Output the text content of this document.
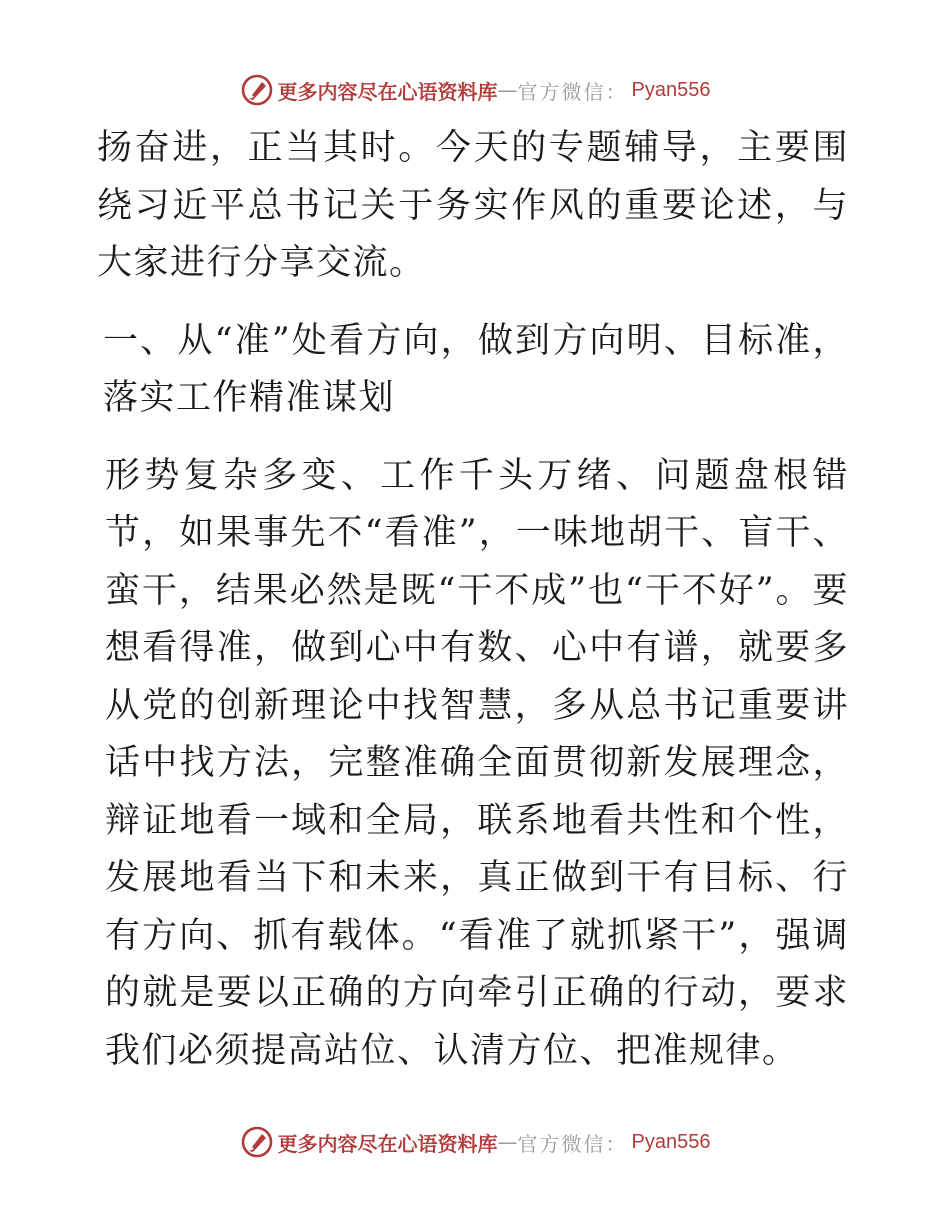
更多内容尽在心语资料库 — 官方微信 ： Pyan556

扬奋进，正当其时。今天的专题辅导，主要围绕习近平总书记关于务实作风的重要论述，与大家进行分享交流。

一、从“准”处看方向，做到方向明、目标准，落实工作精准谋划

形势复杂多变、工作千头万绪、问题盘根错节，如果事先不“看准”，一味地胡干、盲干、蛮干，结果必然是既“干不成”也“干不好”。要想看得准，做到心中有数、心中有谱，就要多从党的创新理论中找智慧，多从总书记重要讲话中找方法，完整准确全面贯彻新发展理念，辩证地看一域和全局，联系地看共性和个性，发展地看当下和未来，真正做到干有目标、行有方向、抓有载体。“看准了就抓紧干”，强调的就是要以正确的方向牵引正确的行动，要求我们必须提高站位、认清方位、把准规律。

更多内容尽在心语资料库 — 官方微信 ： Pyan556
